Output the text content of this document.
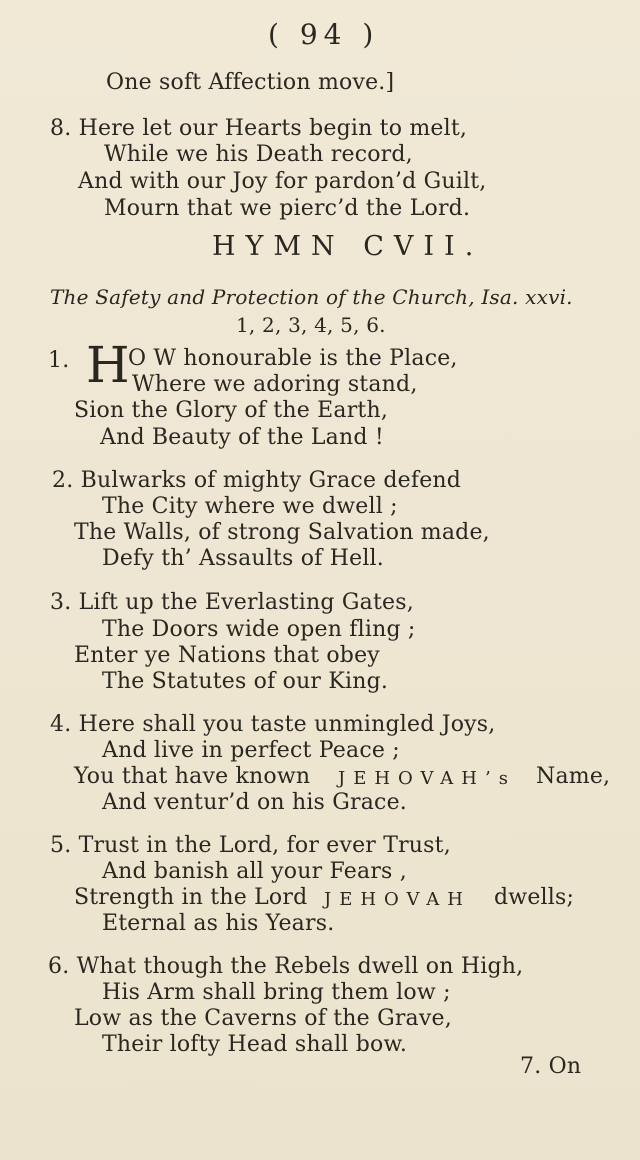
( 94 )
One soft Affection move.]
8. Here let our Hearts begin to melt,
While we his Death record,
And with our Joy for pardon’d Guilt,
Mourn that we pierc’d the Lord.
HYMN CVII.
The Safety and Protection of the Church, Isa. xxvi.
1, 2, 3, 4, 5, 6.
1. H
O W honourable is the Place,
Where we adoring stand,
Sion the Glory of the Earth,
And Beauty of the Land !
2. Bulwarks of mighty Grace defend
The City where we dwell ;
The Walls, of strong Salvation made,
Defy th’ Assaults of Hell.
3. Lift up the Everlasting Gates,
The Doors wide open fling ;
Enter ye Nations that obey
The Statutes of our King.
4. Here shall you taste unmingled Joys,
And live in perfect Peace ;
You that have known JEHOVAH’s Name,
And ventur’d on his Grace.
5. Trust in the Lord, for ever Trust,
And banish all your Fears ,
Strength in the Lord JEHOVAH dwells;
Eternal as his Years.
6. What though the Rebels dwell on High,
His Arm shall bring them low ;
Low as the Caverns of the Grave,
Their lofty Head shall bow.
7. On
